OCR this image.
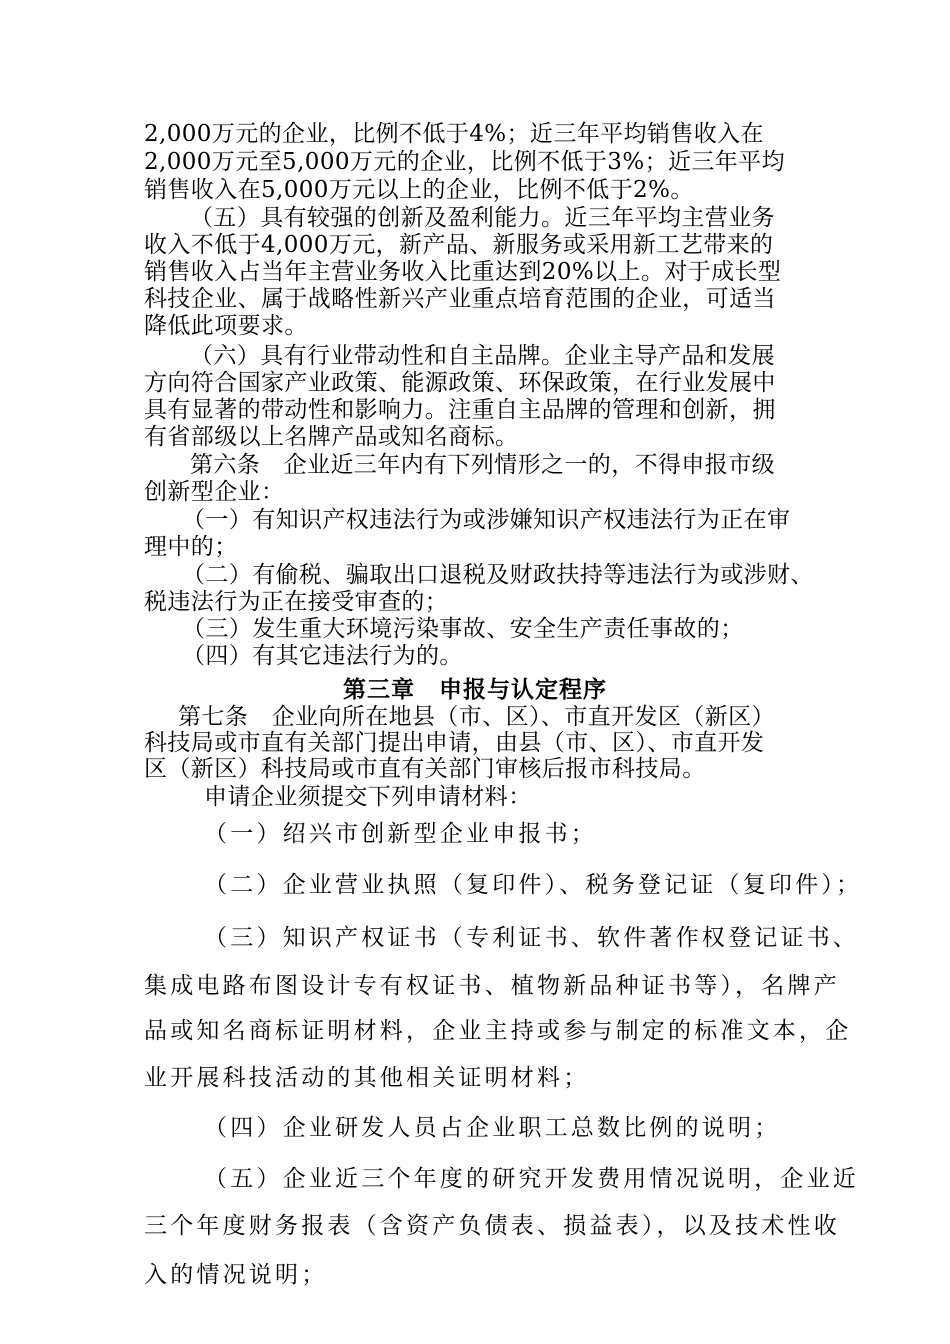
2,000万元的企业，比例不低于4%；近三年平均销售收入在
2,000万元至5,000万元的企业，比例不低于3%；近三年平均
销售收入在5,000万元以上的企业，比例不低于2%。
（五）具有较强的创新及盈利能力。近三年平均主营业务
收入不低于4,000万元，新产品、新服务或采用新工艺带来的
销售收入占当年主营业务收入比重达到20%以上。对于成长型
科技企业、属于战略性新兴产业重点培育范围的企业，可适当
降低此项要求。
（六）具有行业带动性和自主品牌。企业主导产品和发展
方向符合国家产业政策、能源政策、环保政策，在行业发展中
具有显著的带动性和影响力。注重自主品牌的管理和创新，拥
有省部级以上名牌产品或知名商标。
第六条　企业近三年内有下列情形之一的，不得申报市级
创新型企业：
（一）有知识产权违法行为或涉嫌知识产权违法行为正在审
理中的；
（二）有偷税、骗取出口退税及财政扶持等违法行为或涉财、
税违法行为正在接受审查的；
（三）发生重大环境污染事故、安全生产责任事故的；
（四）有其它违法行为的。
第三章　申报与认定程序
第七条　企业向所在地县（市、区）、市直开发区（新区）
科技局或市直有关部门提出申请，由县（市、区）、市直开发
区（新区）科技局或市直有关部门审核后报市科技局。
申请企业须提交下列申请材料：
（一）绍兴市创新型企业申报书；
（二）企业营业执照（复印件）、税务登记证（复印件）；
（三）知识产权证书（专利证书、软件著作权登记证书、
集成电路布图设计专有权证书、植物新品种证书等），名牌产
品或知名商标证明材料，企业主持或参与制定的标准文本，企
业开展科技活动的其他相关证明材料；
（四）企业研发人员占企业职工总数比例的说明；
（五）企业近三个年度的研究开发费用情况说明，企业近
三个年度财务报表（含资产负债表、损益表），以及技术性收
入的情况说明；
